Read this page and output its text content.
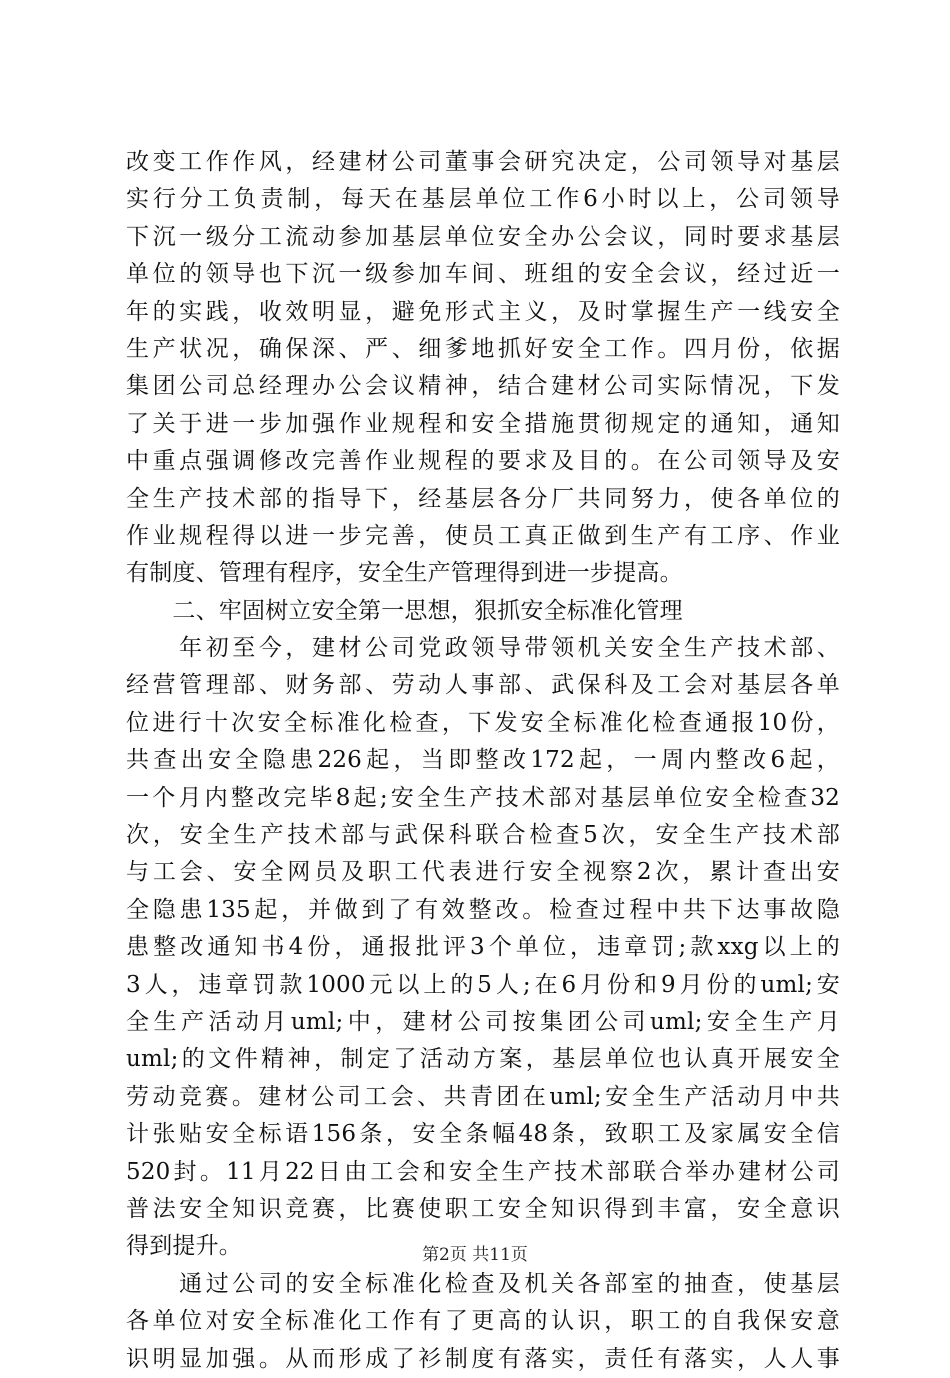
改变工作作风，经建材公司董事会研究决定，公司领导对基层
实行分工负责制，每天在基层单位工作6小时以上，公司领导
下沉一级分工流动参加基层单位安全办公会议，同时要求基层
单位的领导也下沉一级参加车间、班组的安全会议，经过近一
年的实践，收效明显，避免形式主义，及时掌握生产一线安全
生产状况，确保深、严、细爹地抓好安全工作。四月份，依据
集团公司总经理办公会议精神，结合建材公司实际情况，下发
了关于进一步加强作业规程和安全措施贯彻规定的通知，通知
中重点强调修改完善作业规程的要求及目的。在公司领导及安
全生产技术部的指导下，经基层各分厂共同努力，使各单位的
作业规程得以进一步完善，使员工真正做到生产有工序、作业
有制度、管理有程序，安全生产管理得到进一步提高。
　　二、牢固树立安全第一思想，狠抓安全标准化管理
　　年初至今，建材公司党政领导带领机关安全生产技术部、
经营管理部、财务部、劳动人事部、武保科及工会对基层各单
位进行十次安全标准化检查，下发安全标准化检查通报10份，
共查出安全隐患226起，当即整改172起，一周内整改6起，
一个月内整改完毕8起;安全生产技术部对基层单位安全检查32
次，安全生产技术部与武保科联合检查5次，安全生产技术部
与工会、安全网员及职工代表进行安全视察2次，累计查出安
全隐患135起，并做到了有效整改。检查过程中共下达事故隐
患整改通知书4份，通报批评3个单位，违章罚;款xxg以上的
3人，违章罚款1000元以上的5人;在6月份和9月份的uml;安
全生产活动月uml;中，建材公司按集团公司uml;安全生产月
uml;的文件精神，制定了活动方案，基层单位也认真开展安全
劳动竞赛。建材公司工会、共青团在uml;安全生产活动月中共
计张贴安全标语156条，安全条幅48条，致职工及家属安全信
520封。11月22日由工会和安全生产技术部联合举办建材公司
普法安全知识竞赛，比赛使职工安全知识得到丰富，安全意识
得到提升。
　　通过公司的安全标准化检查及机关各部室的抽查，使基层
各单位对安全标准化工作有了更高的认识，职工的自我保安意
识明显加强。从而形成了衫制度有落实，责任有落实，人人事
第2页 共11页
